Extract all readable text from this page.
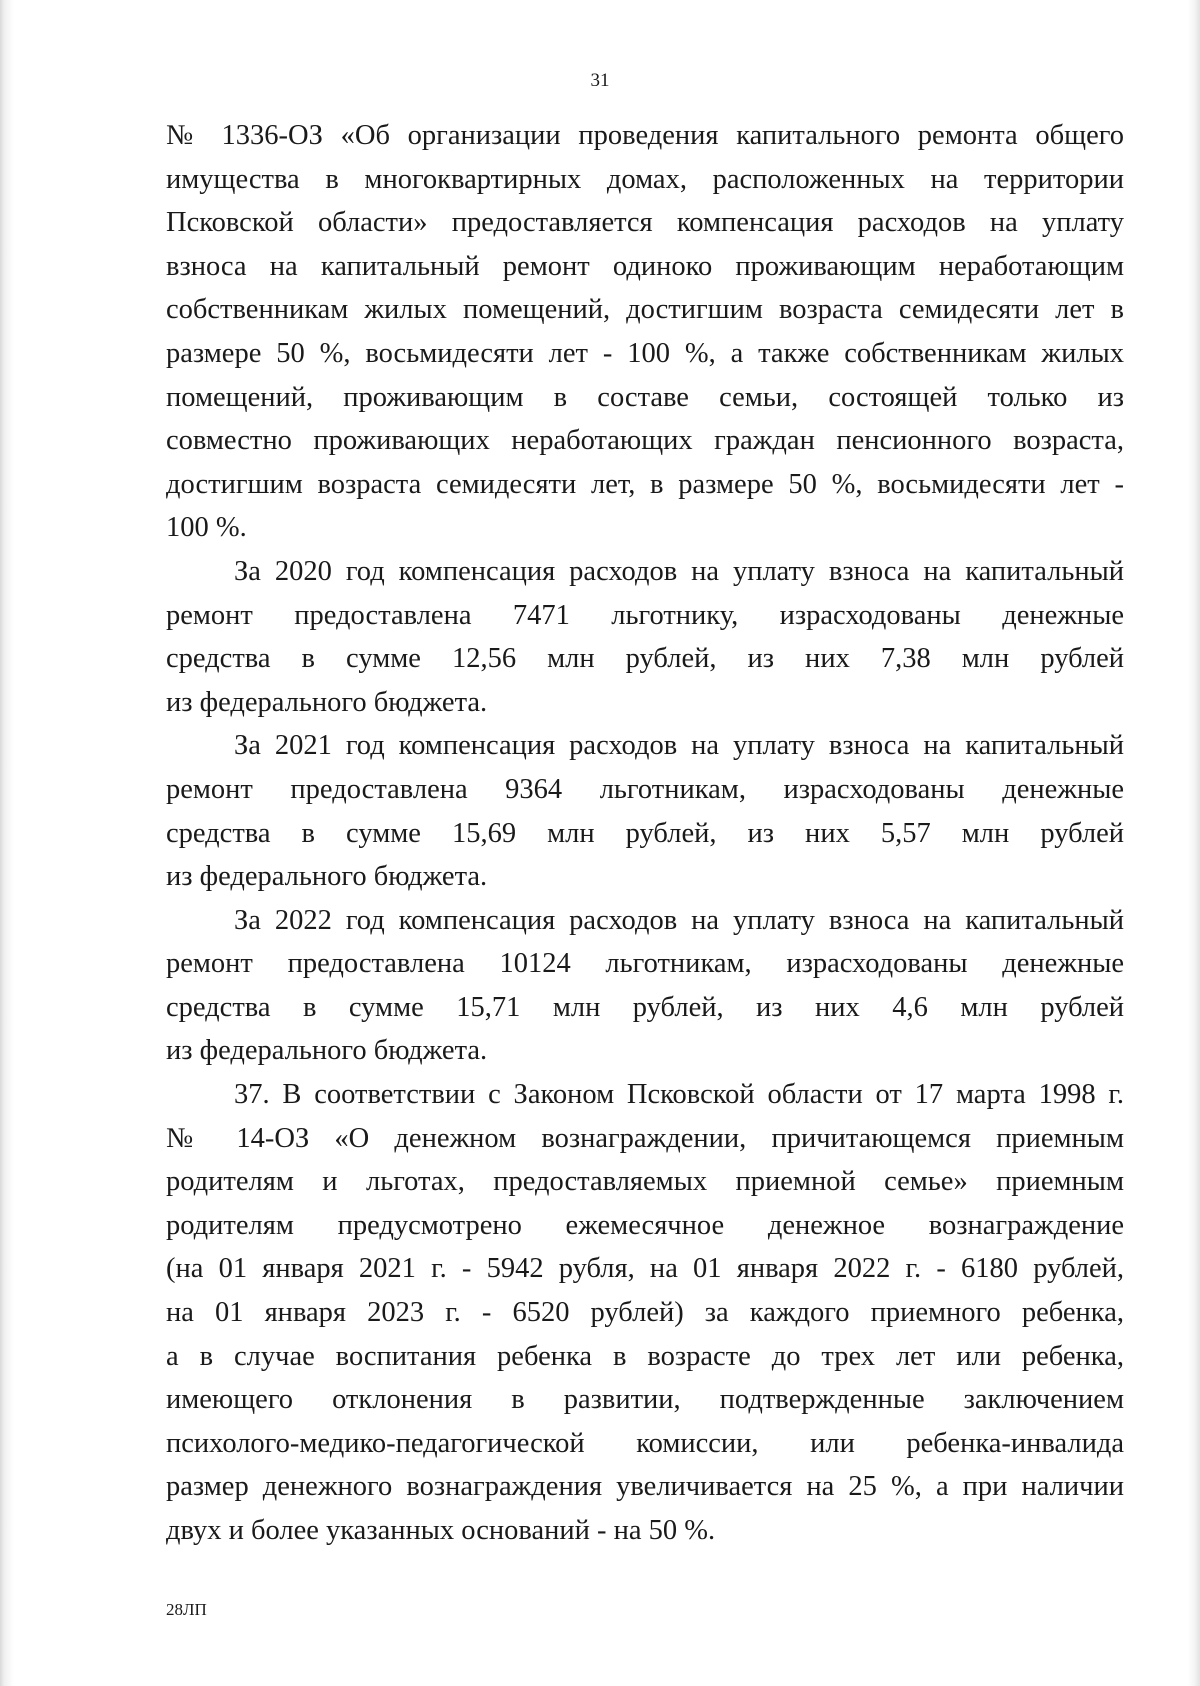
31
№ 1336-ОЗ «Об организации проведения капитального ремонта общего
имущества в многоквартирных домах, расположенных на территории
Псковской области» предоставляется компенсация расходов на уплату
взноса на капитальный ремонт одиноко проживающим неработающим
собственникам жилых помещений, достигшим возраста семидесяти лет в
размере 50 %, восьмидесяти лет - 100 %, а также собственникам жилых
помещений, проживающим в составе семьи, состоящей только из
совместно проживающих неработающих граждан пенсионного возраста,
достигшим возраста семидесяти лет, в размере 50 %, восьмидесяти лет -
100 %.
За 2020 год компенсация расходов на уплату взноса на капитальный
ремонт предоставлена 7471 льготнику, израсходованы денежные
средства в сумме 12,56 млн рублей, из них 7,38 млн рублей
из федерального бюджета.
За 2021 год компенсация расходов на уплату взноса на капитальный
ремонт предоставлена 9364 льготникам, израсходованы денежные
средства в сумме 15,69 млн рублей, из них 5,57 млн рублей
из федерального бюджета.
За 2022 год компенсация расходов на уплату взноса на капитальный
ремонт предоставлена 10124 льготникам, израсходованы денежные
средства в сумме 15,71 млн рублей, из них 4,6 млн рублей
из федерального бюджета.
37. В соответствии с Законом Псковской области от 17 марта 1998 г.
№ 14-ОЗ «О денежном вознаграждении, причитающемся приемным
родителям и льготах, предоставляемых приемной семье» приемным
родителям предусмотрено ежемесячное денежное вознаграждение
(на 01 января 2021 г. - 5942 рубля, на 01 января 2022 г. - 6180 рублей,
на 01 января 2023 г. - 6520 рублей) за каждого приемного ребенка,
а в случае воспитания ребенка в возрасте до трех лет или ребенка,
имеющего отклонения в развитии, подтвержденные заключением
психолого-медико-педагогической комиссии, или ребенка-инвалида
размер денежного вознаграждения увеличивается на 25 %, а при наличии
двух и более указанных оснований - на 50 %.
28ЛП
